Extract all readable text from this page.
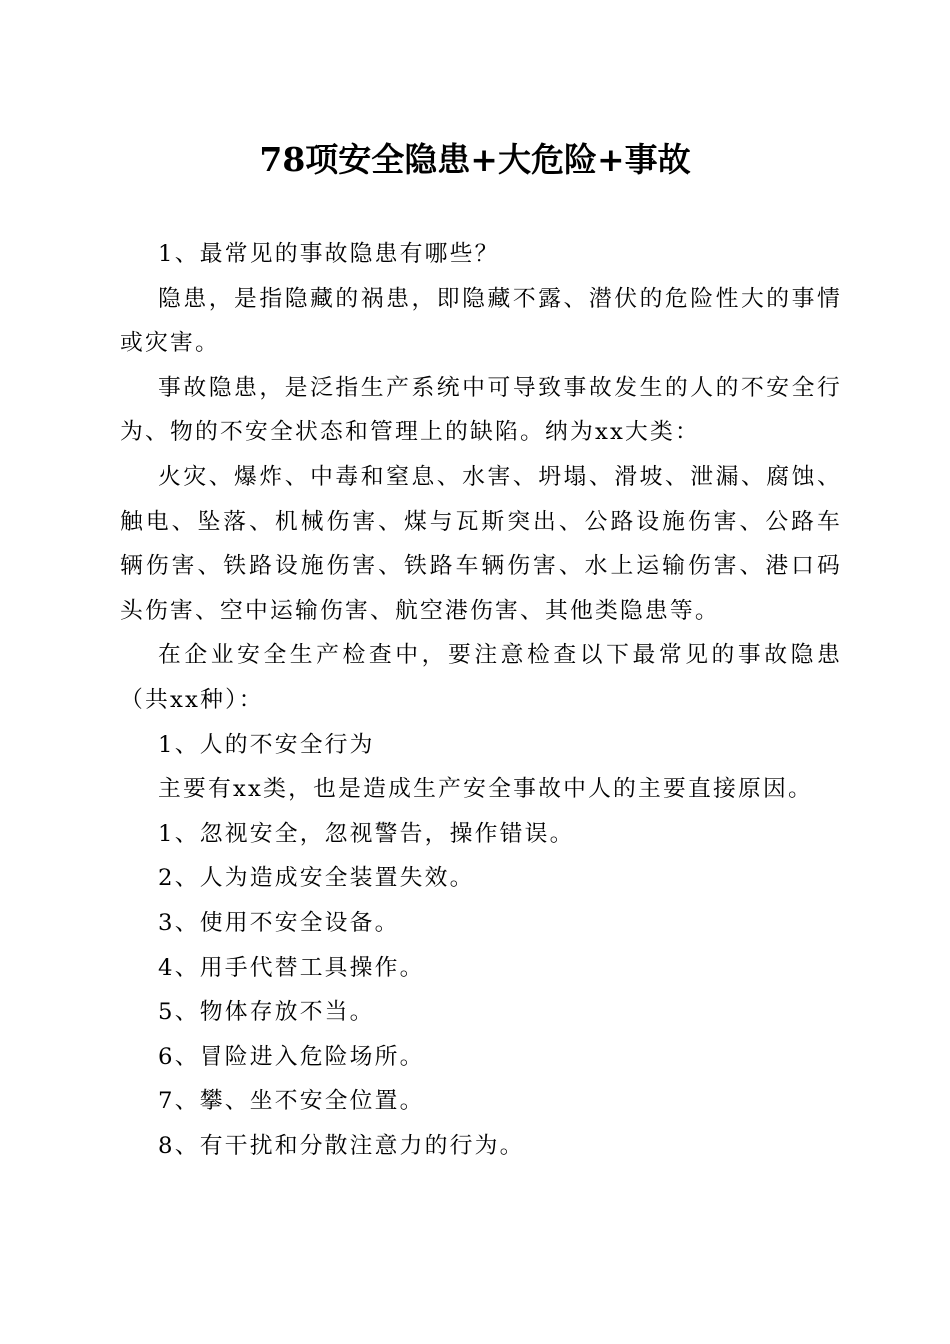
78项安全隐患+大危险+事故

1、最常见的事故隐患有哪些？

隐患，是指隐藏的祸患，即隐藏不露、潜伏的危险性大的事情或灾害。

事故隐患，是泛指生产系统中可导致事故发生的人的不安全行为、物的不安全状态和管理上的缺陷。纳为xx大类：

火灾、爆炸、中毒和窒息、水害、坍塌、滑坡、泄漏、腐蚀、触电、坠落、机械伤害、煤与瓦斯突出、公路设施伤害、公路车辆伤害、铁路设施伤害、铁路车辆伤害、水上运输伤害、港口码头伤害、空中运输伤害、航空港伤害、其他类隐患等。

在企业安全生产检查中，要注意检查以下最常见的事故隐患（共xx种）：

1、人的不安全行为

主要有xx类，也是造成生产安全事故中人的主要直接原因。

1、忽视安全，忽视警告，操作错误。

2、人为造成安全装置失效。

3、使用不安全设备。

4、用手代替工具操作。

5、物体存放不当。

6、冒险进入危险场所。

7、攀、坐不安全位置。

8、有干扰和分散注意力的行为。
